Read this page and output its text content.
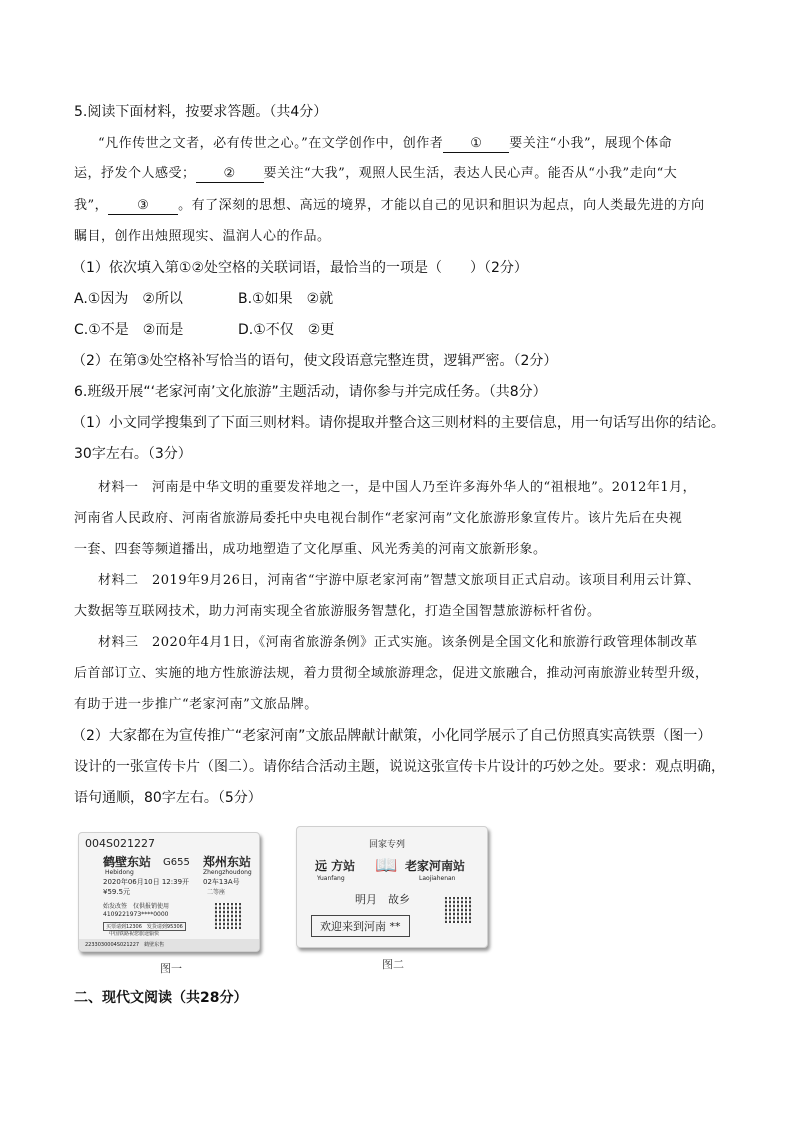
5.阅读下面材料，按要求答题。（共4分）
“凡作传世之文者，必有传世之心。”在文学创作中，创作者 ① 要关注“小我”，展现个体命
运，抒发个人感受； ② 要关注“大我”，观照人民生活，表达人民心声。能否从“小我”走向“大
我”， ③ 。有了深刻的思想、高远的境界，才能以自己的见识和胆识为起点，向人类最先进的方向
瞩目，创作出烛照现实、温润人心的作品。
（1）依次填入第①②处空格的关联词语，最恰当的一项是（　　）（2分）
A.①因为　②所以	B.①如果　②就
C.①不是　②而是	D.①不仅　②更
（2）在第③处空格补写恰当的语句，使文段语意完整连贯，逻辑严密。（2分）
6.班级开展“‘老家河南’文化旅游”主题活动，请你参与并完成任务。（共8分）
（1）小文同学搜集到了下面三则材料。请你提取并整合这三则材料的主要信息，用一句话写出你的结论。
30字左右。（3分）
材料一　河南是中华文明的重要发祥地之一，是中国人乃至许多海外华人的“祖根地”。2012年1月，
河南省人民政府、河南省旅游局委托中央电视台制作“老家河南”文化旅游形象宣传片。该片先后在央视
一套、四套等频道播出，成功地塑造了文化厚重、风光秀美的河南文旅新形象。
材料二　2019年9月26日，河南省“宇游中原老家河南”智慧文旅项目正式启动。该项目利用云计算、
大数据等互联网技术，助力河南实现全省旅游服务智慧化，打造全国智慧旅游标杆省份。
材料三　2020年4月1日，《河南省旅游条例》正式实施。该条例是全国文化和旅游行政管理体制改革
后首部订立、实施的地方性旅游法规，着力贯彻全域旅游理念，促进文旅融合，推动河南旅游业转型升级，
有助于进一步推广“老家河南”文旅品牌。
（2）大家都在为宣传推广“老家河南”文旅品牌献计献策，小化同学展示了自己仿照真实高铁票（图一）
设计的一张宣传卡片（图二）。请你结合活动主题，说说这张宣传卡片设计的巧妙之处。要求：观点明确，
语句通顺，80字左右。（5分）
004S021227
鹤壁东站
Hebidong
G655 郑州东站
Zhengzhoudong
2020年06月10日 12:39开 02车13A号
¥59.5元	二等座
始发改签　仅供报销使用
410922197З****0000
买票请到12306　发货请到95306
中国铁路祝您旅途愉快
2233030004S021227　 鹤壁东售
图一
回家专列
远 方站
Yuanfang
📖 老家河南站
Laojiahenan
明月　故乡
欢迎来到河南 **
图二
二、现代文阅读（共28分）
